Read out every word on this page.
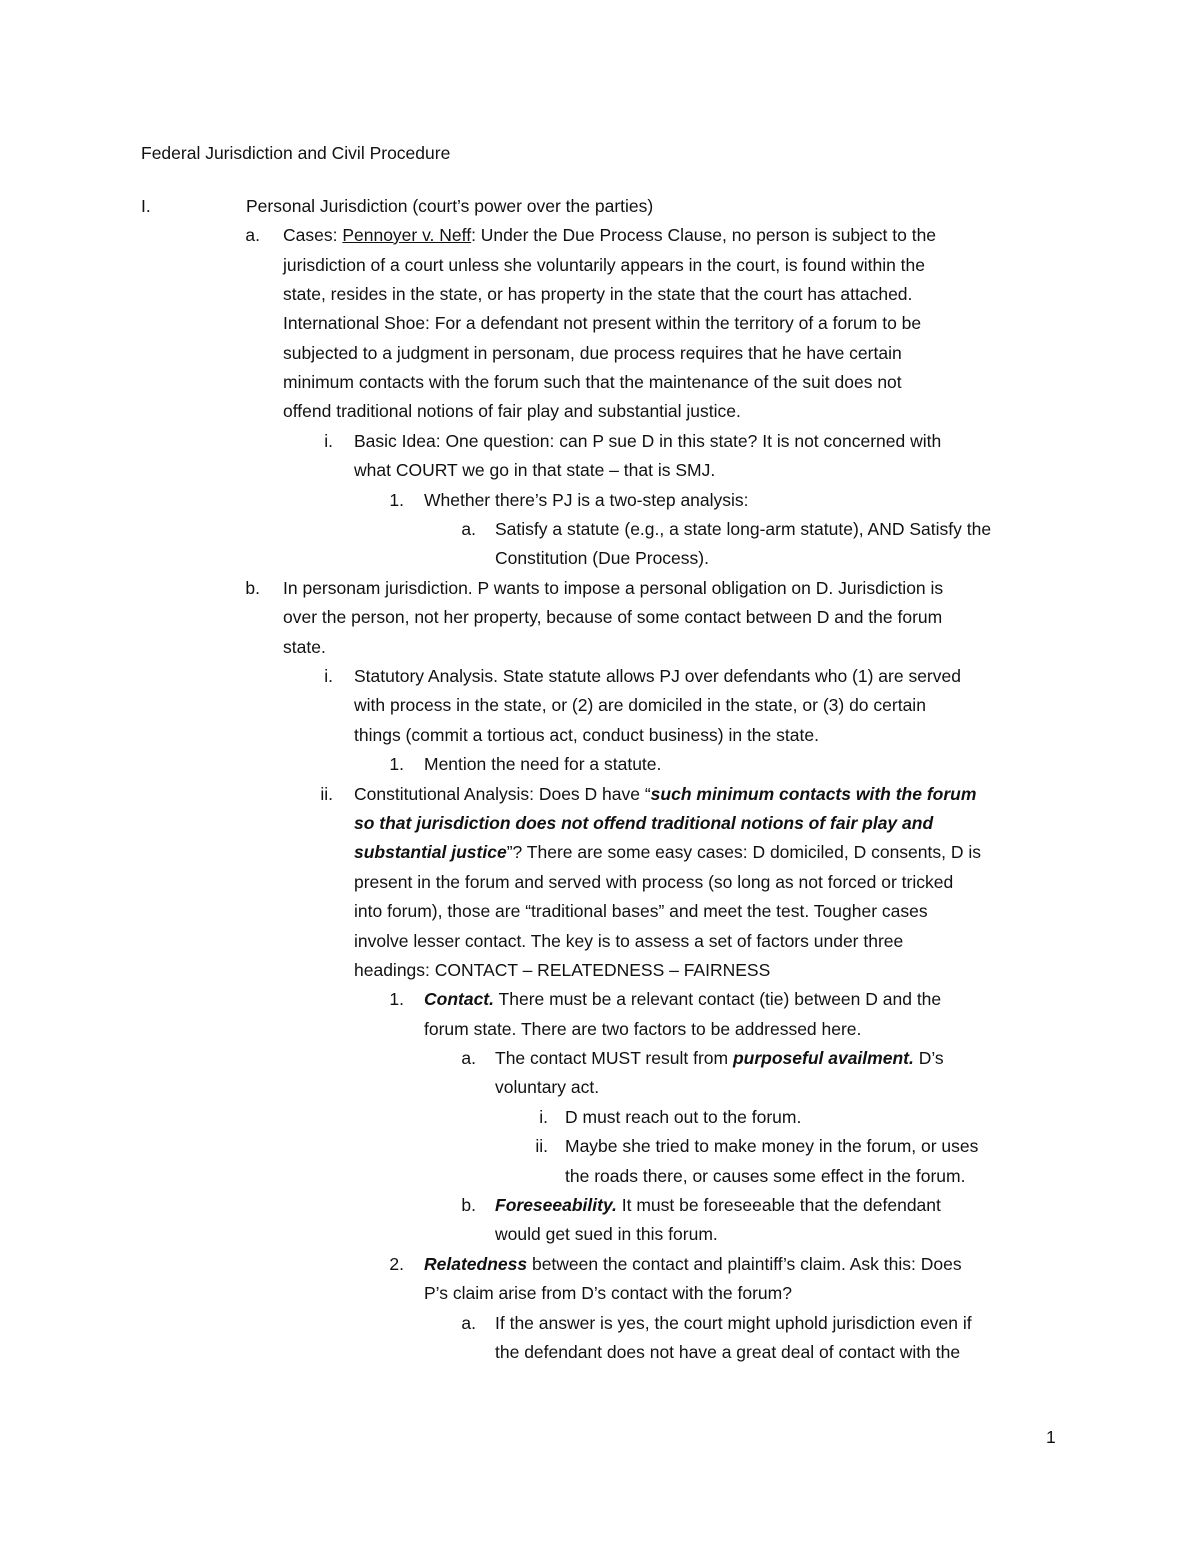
Federal Jurisdiction and Civil Procedure
I.	Personal Jurisdiction (court’s power over the parties)
a. Cases: Pennoyer v. Neff: Under the Due Process Clause, no person is subject to the
jurisdiction of a court unless she voluntarily appears in the court, is found within the
state, resides in the state, or has property in the state that the court has attached.
International Shoe: For a defendant not present within the territory of a forum to be
subjected to a judgment in personam, due process requires that he have certain
minimum contacts with the forum such that the maintenance of the suit does not
offend traditional notions of fair play and substantial justice.
i. Basic Idea: One question: can P sue D in this state? It is not concerned with
what COURT we go in that state – that is SMJ.
1. Whether there’s PJ is a two-step analysis:
a. Satisfy a statute (e.g., a state long-arm statute), AND Satisfy the
Constitution (Due Process).
b. In personam jurisdiction. P wants to impose a personal obligation on D. Jurisdiction is
over the person, not her property, because of some contact between D and the forum
state.
i. Statutory Analysis. State statute allows PJ over defendants who (1) are served
with process in the state, or (2) are domiciled in the state, or (3) do certain
things (commit a tortious act, conduct business) in the state.
1. Mention the need for a statute.
ii. Constitutional Analysis: Does D have “such minimum contacts with the forum
so that jurisdiction does not offend traditional notions of fair play and
substantial justice”? There are some easy cases: D domiciled, D consents, D is
present in the forum and served with process (so long as not forced or tricked
into forum), those are “traditional bases” and meet the test. Tougher cases
involve lesser contact. The key is to assess a set of factors under three
headings: CONTACT – RELATEDNESS – FAIRNESS
1. Contact. There must be a relevant contact (tie) between D and the
forum state. There are two factors to be addressed here.
a. The contact MUST result from purposeful availment. D’s
voluntary act.
i. D must reach out to the forum.
ii. Maybe she tried to make money in the forum, or uses
the roads there, or causes some effect in the forum.
b. Foreseeability. It must be foreseeable that the defendant
would get sued in this forum.
2. Relatedness between the contact and plaintiff’s claim. Ask this: Does
P’s claim arise from D’s contact with the forum?
a. If the answer is yes, the court might uphold jurisdiction even if
the defendant does not have a great deal of contact with the
1
